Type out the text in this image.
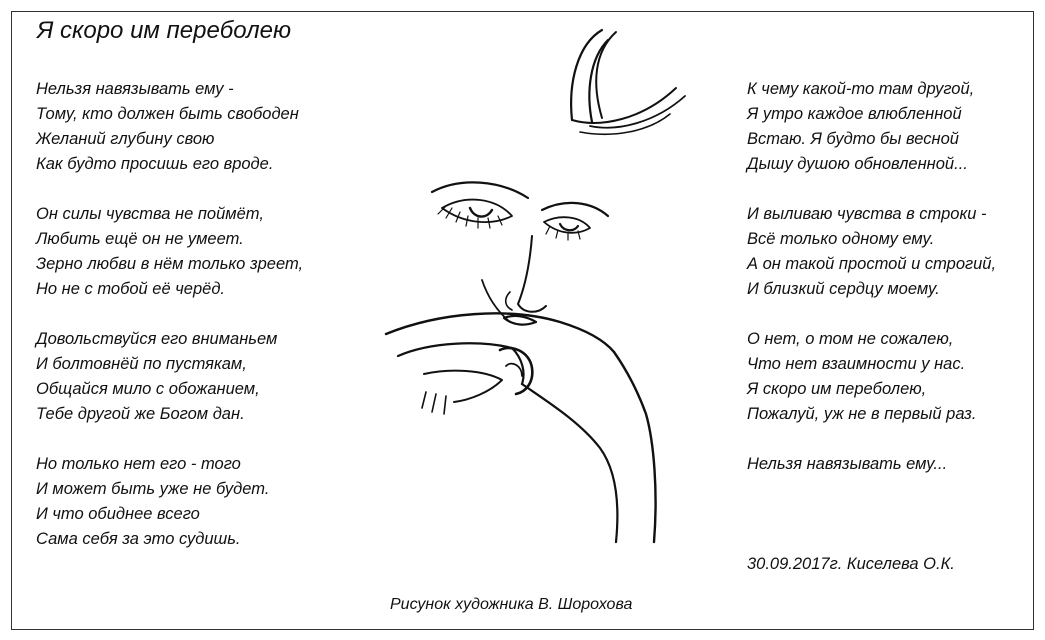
Я скоро им переболею
Нельзя навязывать ему -
Тому, кто должен быть свободен
Желаний глубину свою
Как будто просишь его вроде.
Он силы чувства не поймёт,
Любить ещё он не умеет.
Зерно любви в нём только зреет,
Но не с тобой её черёд.
Довольствуйся его вниманьем
И болтовнёй по пустякам,
Общайся мило с обожанием,
Тебе другой же Богом дан.
Но только нет его - того
И может быть уже не будет.
И что обиднее всего
Сама себя за это судишь.
К чему какой-то там другой,
Я утро каждое влюбленной
Встаю. Я будто бы весной
Дышу душою обновленной...
И выливаю чувства в строки -
Всё только одному ему.
А он такой простой и строгий,
И близкий сердцу моему.
О нет, о том не сожалею,
Что нет взаимности у нас.
Я скоро им переболею,
Пожалуй, уж не в первый раз.
Нельзя навязывать ему...
30.09.2017г. Киселева О.К.
Рисунок художника В. Шорохова
